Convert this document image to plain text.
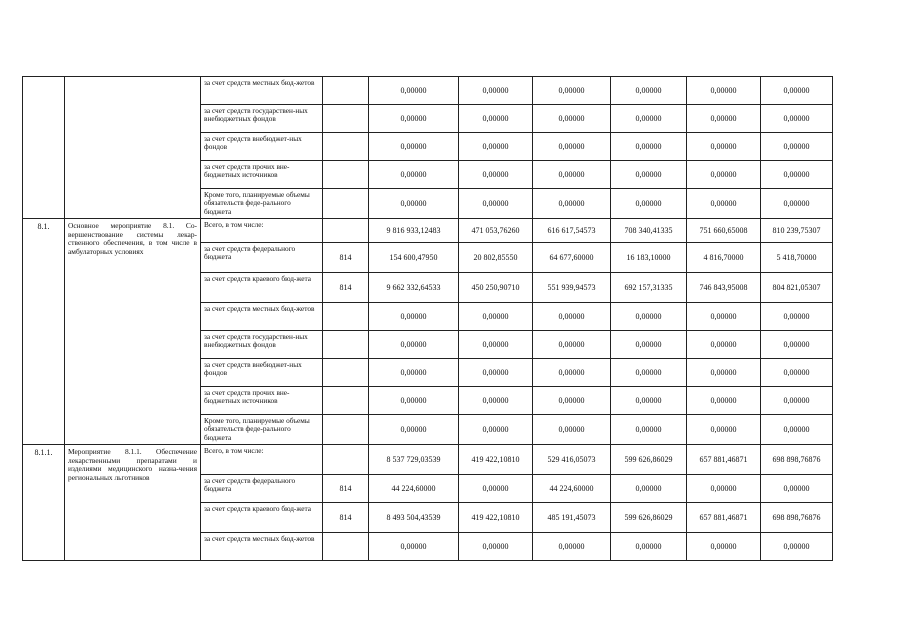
		за счет средств местных бюд-жетов		0,00000	0,00000	0,00000	0,00000	0,00000	0,00000
		за счет средств государствен-ных внебюджетных фондов		0,00000	0,00000	0,00000	0,00000	0,00000	0,00000
		за счет средств внебюджет-ных фондов		0,00000	0,00000	0,00000	0,00000	0,00000	0,00000
		за счет средств прочих вне-бюджетных источников		0,00000	0,00000	0,00000	0,00000	0,00000	0,00000
		Кроме того, планируемые объемы обязательств феде-рального бюджета		0,00000	0,00000	0,00000	0,00000	0,00000	0,00000
8.1.	Основное мероприятие 8.1. Со-вершенствование системы лекар-ственного обеспечения, в том числе в амбулаторных условиях	Всего, в том числе:		9 816 933,12483	471 053,76260	616 617,54573	708 340,41335	751 660,65008	810 239,75307
		за счет средств федерального бюджета	814	154 600,47950	20 802,85550	64 677,60000	16 183,10000	4 816,70000	5 418,70000
		за счет средств краевого бюд-жета	814	9 662 332,64533	450 250,90710	551 939,94573	692 157,31335	746 843,95008	804 821,05307
		за счет средств местных бюд-жетов		0,00000	0,00000	0,00000	0,00000	0,00000	0,00000
		за счет средств государствен-ных внебюджетных фондов		0,00000	0,00000	0,00000	0,00000	0,00000	0,00000
		за счет средств внебюджет-ных фондов		0,00000	0,00000	0,00000	0,00000	0,00000	0,00000
		за счет средств прочих вне-бюджетных источников		0,00000	0,00000	0,00000	0,00000	0,00000	0,00000
		Кроме того, планируемые объемы обязательств феде-рального бюджета		0,00000	0,00000	0,00000	0,00000	0,00000	0,00000
8.1.1.	Мероприятие 8.1.1. Обеспечение лекарственными препаратами и изделиями медицинского назна-чения региональных льготников	Всего, в том числе:		8 537 729,03539	419 422,10810	529 416,05073	599 626,86029	657 881,46871	698 898,76876
		за счет средств федерального бюджета	814	44 224,60000	0,00000	44 224,60000	0,00000	0,00000	0,00000
		за счет средств краевого бюд-жета	814	8 493 504,43539	419 422,10810	485 191,45073	599 626,86029	657 881,46871	698 898,76876
		за счет средств местных бюд-жетов		0,00000	0,00000	0,00000	0,00000	0,00000	0,00000
